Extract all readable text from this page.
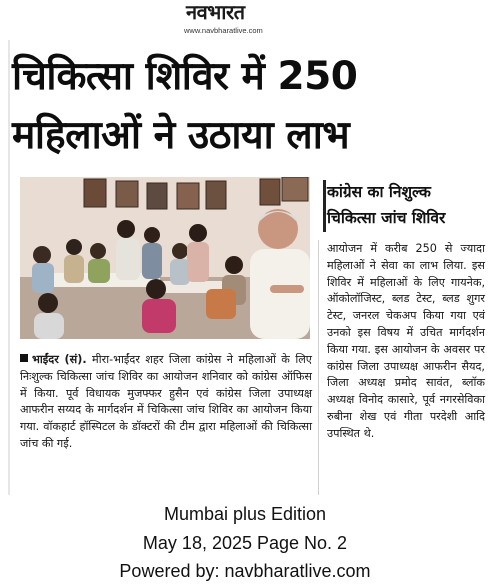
नवभारत
www.navbharatlive.com
चिकित्सा शिविर में 250
महिलाओं ने उठाया लाभ
कांग्रेस का निशुल्क
चिकित्सा जांच शिविर

आयोजन में करीब 250 से ज्यादा महिलाओं ने सेवा का लाभ लिया. इस शिविर में महिलाओं के लिए गायनेक, ऑकोलॉजिस्ट, ब्लड टेस्ट, ब्लड शुगर टेस्ट, जनरल चेकअप किया गया एवं उनको इस विषय में उचित मार्गदर्शन किया गया. इस आयोजन के अवसर पर कांग्रेस जिला उपाध्यक्ष आफरीन सैयद, जिला अध्यक्ष प्रमोद सावंत, ब्लॉक अध्यक्ष विनोद कासारे, पूर्व नगरसेविका रुबीना शेख एवं गीता परदेशी आदि उपस्थित थे.

भाईंदर (सं). मीरा-भाईंदर शहर जिला कांग्रेस ने महिलाओं के लिए निःशुल्क चिकित्सा जांच शिविर का आयोजन शनिवार को कांग्रेस ऑफिस में किया. पूर्व विधायक मुजफ्फर हुसैन एवं कांग्रेस जिला उपाध्यक्ष आफरीन सय्यद के मार्गदर्शन में चिकित्सा जांच शिविर का आयोजन किया गया. वॉकहार्ट हॉस्पिटल के डॉक्टरों की टीम द्वारा महिलाओं की चिकित्सा जांच की गई.

Mumbai plus Edition
May 18, 2025 Page No. 2
Powered by: navbharatlive.com
